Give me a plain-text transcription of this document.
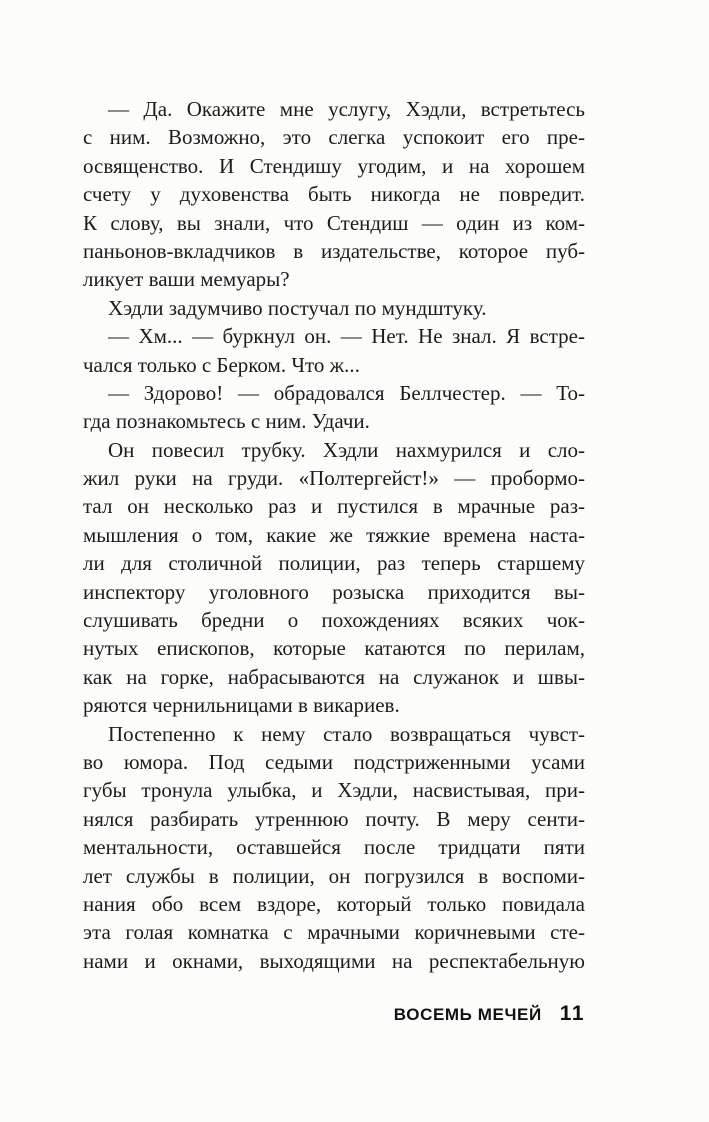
— Да. Окажите мне услугу, Хэдли, встретьтесь
с ним. Возможно, это слегка успокоит его пре-
освященство. И Стендишу угодим, и на хорошем
счету у духовенства быть никогда не повредит.
К слову, вы знали, что Стендиш — один из ком-
паньонов-вкладчиков в издательстве, которое пуб-
ликует ваши мемуары?
Хэдли задумчиво постучал по мундштуку.
— Хм... — буркнул он. — Нет. Не знал. Я встре-
чался только с Берком. Что ж...
— Здорово! — обрадовался Беллчестер. — То-
гда познакомьтесь с ним. Удачи.
Он повесил трубку. Хэдли нахмурился и сло-
жил руки на груди. «Полтергейст!» — пробормо-
тал он несколько раз и пустился в мрачные раз-
мышления о том, какие же тяжкие времена наста-
ли для столичной полиции, раз теперь старшему
инспектору уголовного розыска приходится вы-
слушивать бредни о похождениях всяких чок-
нутых епископов, которые катаются по перилам,
как на горке, набрасываются на служанок и швы-
ряются чернильницами в викариев.
Постепенно к нему стало возвращаться чувст-
во юмора. Под седыми подстриженными усами
губы тронула улыбка, и Хэдли, насвистывая, при-
нялся разбирать утреннюю почту. В меру сенти-
ментальности, оставшейся после тридцати пяти
лет службы в полиции, он погрузился в воспоми-
нания обо всем вздоре, который только повидала
эта голая комнатка с мрачными коричневыми сте-
нами и окнами, выходящими на респектабельную
ВОСЕМЬ МЕЧЕЙ 11
